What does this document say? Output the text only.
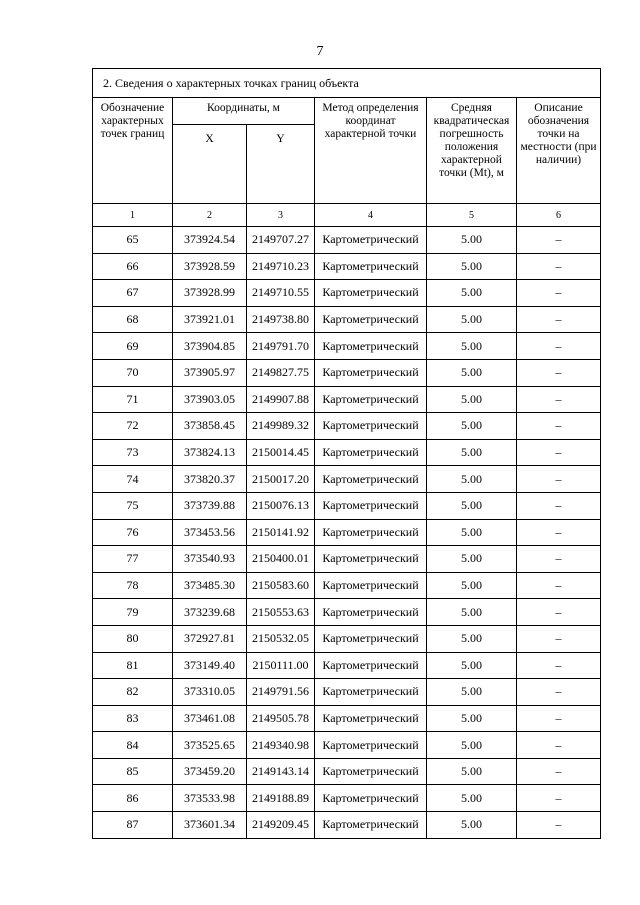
7
2. Сведения о характерных точках границ объекта					
Обозначение характерных точек границ	Координаты, м		Метод определения координат характерной точки	Средняя квадратическая погрешность положения характерной точки (Mt), м	Описание обозначения точки на местности (при наличии)
	X	Y			
1	2	3	4	5	6
65	373924.54	2149707.27	Картометрический	5.00	–
66	373928.59	2149710.23	Картометрический	5.00	–
67	373928.99	2149710.55	Картометрический	5.00	–
68	373921.01	2149738.80	Картометрический	5.00	–
69	373904.85	2149791.70	Картометрический	5.00	–
70	373905.97	2149827.75	Картометрический	5.00	–
71	373903.05	2149907.88	Картометрический	5.00	–
72	373858.45	2149989.32	Картометрический	5.00	–
73	373824.13	2150014.45	Картометрический	5.00	–
74	373820.37	2150017.20	Картометрический	5.00	–
75	373739.88	2150076.13	Картометрический	5.00	–
76	373453.56	2150141.92	Картометрический	5.00	–
77	373540.93	2150400.01	Картометрический	5.00	–
78	373485.30	2150583.60	Картометрический	5.00	–
79	373239.68	2150553.63	Картометрический	5.00	–
80	372927.81	2150532.05	Картометрический	5.00	–
81	373149.40	2150111.00	Картометрический	5.00	–
82	373310.05	2149791.56	Картометрический	5.00	–
83	373461.08	2149505.78	Картометрический	5.00	–
84	373525.65	2149340.98	Картометрический	5.00	–
85	373459.20	2149143.14	Картометрический	5.00	–
86	373533.98	2149188.89	Картометрический	5.00	–
87	373601.34	2149209.45	Картометрический	5.00	–
